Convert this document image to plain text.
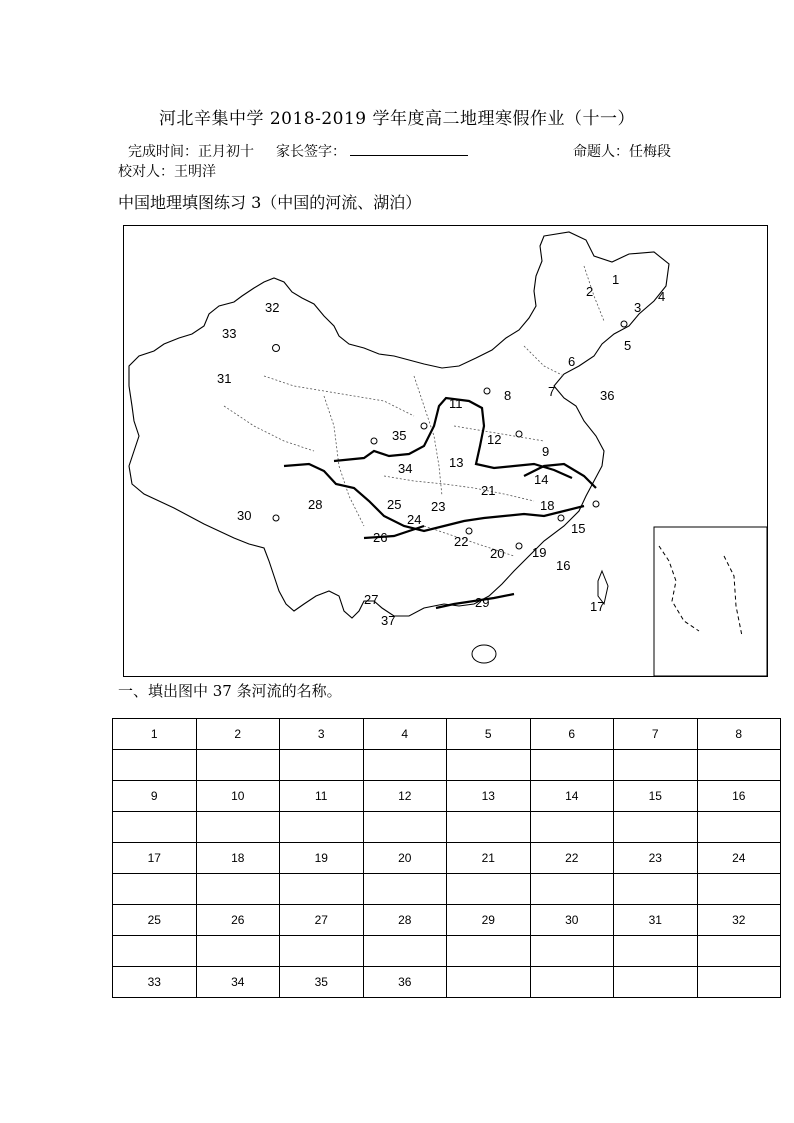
河北辛集中学 2018-2019 学年度高二地理寒假作业（十一）
完成时间：正月初十 家长签字：	命题人：任梅段
校对人：王明洋
中国地理填图练习 3（中国的河流、湖泊）
1
2
3
4
5
6
7
8
9
11
12
13
14
15
16
17
18
19
20
21
22
23
24
25
26
27
28
29
30
31
32
33
34
35
36
37
一、填出图中 37 条河流的名称。
1	2	3	4	5	6	7	8

9	10	11	12	13	14	15	16

17	18	19	20	21	22	23	24

25	26	27	28	29	30	31	32

33	34	35	36				
